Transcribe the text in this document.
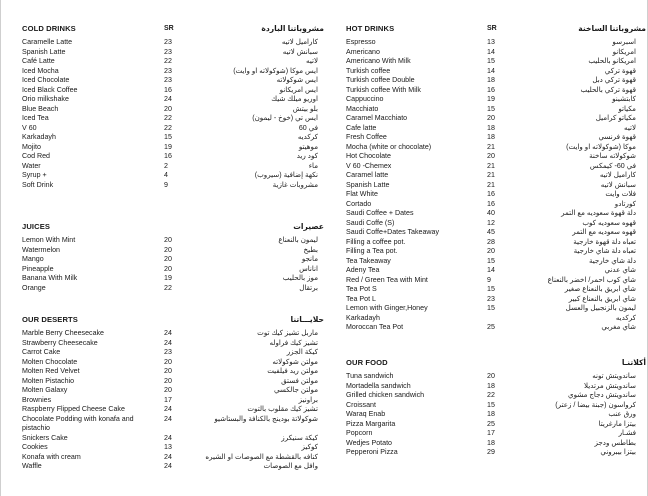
COLD DRINKS	SR	مشروباتنا الباردة
Caramelle Latte	23	كاراميل لاتيه
Spanish Latte	23	سبانش لاتيه
Café Latte	22	لاتيه
Iced Mocha	23	ايس موكا (شوكولاته او وايت)
Iced Chocolate	23	ايس شوكولاته
Iced Black Coffee	16	ايس امريكانو
Orio milkshake	24	اوريو ميلك شيك
Blue Beach	20	بلو بيتش
Iced Tea	22	ايس تي (خوخ - ليمون)
V 60	22	في 60
Karkadayh	15	كركديه
Mojito	19	موهيتو
Cod Red	16	كود ريد
Water	2	ماء
Syrup +	4	نكهة إضافية (سيروب)
Soft Drink	9	مشروبات غازية
JUICES	عصيرات
Lemon With Mint	20	ليمون بالنعناع
Watermelon	20	بطيخ
Mango	20	مانجو
Pineapple	20	اناناس
Banana With Milk	19	موز بالحليب
Orange	22	برتقال
OUR DESERTS	حلايـــاتنا
Marble Berry Cheesecake	24	ماربل تشيز كيك توت
Strawberry Cheesecake	24	تشيز كيك فراوله
Carrot Cake	23	كيكة الجزر
Molten Chocolate	20	مولتن شوكولاته
Molten Red Velvet	20	مولتن ريد فيلفيت
Molten Pistachio	20	مولتن فستق
Molten Galaxy	20	مولتن جالكسي
Brownies	17	براونيز
Raspberry Flipped Cheese Cake	24	تشيز كيك مقلوب بالتوت
Chocolate Podding with konafa and pistachio
24	شوكولاتة بودينج بالكنافة والبستاشيو
Snickers Cake	24	كيكة سنيكرز
Cookies	13	كوكيز
Konafa with cream	24	كنافه بالقشطة مع الصوصات او الشيره
Waffle	24	وافل مع الصوصات
HOT DRINKS	SR	مشروباتنا الساخنة
Espresso	13	اسبرسو
Americano	14	امريكانو
Americano With Milk	15	امريكانو بالحليب
Turkish coffee	14	قهوة تركي
Turkish coffee Double	18	قهوة تركي دبل
Turkish coffee With Milk	16	قهوة تركي بالحليب
Cappuccino	19	كابتشينو
Macchiato	15	مكياتو
Caramel Macchiato	20	مكياتو كراميل
Cafe latte	18	لاتيه
Fresh Coffee	18	قهوة فرنسي
Mocha (white or chocolate)	21	موكا (شوكولاته او وايت)
Hot Chocolate	20	شوكولاته ساخنة
V 60 -Chemex	21	في 60- كيمكس
Caramel latte	21	كاراميل لاتيه
Spanish Latte	21	سبانش لاتيه
Flat White	16	فلات وايت
Cortado	16	كورتادو
Saudi Coffee + Dates	40	دلة قهوة سعوديه مع التمر
Saudi Coffe (S)	12	قهوه سعوديه كوب
Saudi Coffe+Dates Takeaway	45	قهوه سعوديه مع التمر
Filling a coffee pot.	28	تعباه دلة قهوة خارجية
Filling a Tea pot.	20	تعباه دلة شاي خارجية
Tea Takeaway	15	دلة شاي خارجية
Adeny Tea	14	شاي عدني
Red / Green Tea with Mint	9	شاي كوب احمر/ اخضر بالنعناع
Tea Pot S	15	شاي ابريق بالنعناع صغير
Tea Pot L	23	شاي ابريق بالنعناع كبير
Lemon with Ginger,Honey	15	ليمون بالزنجبيل والعسل
Karkadayh	كركديه
Moroccan Tea Pot	25	شاي مغربي
OUR FOOD	أكلاتنـا
Tuna sandwich	20	ساندويتش تونه
Mortadella sandwich	18	ساندويتش مرتديلا
Grilled chicken sandwich	22	ساندويتش دجاج مشوي
Croissant	15	كرواسون (جبنة بيضا / زعتر)
Waraq Enab	18	ورق عنب
Pizza Margarita	25	بيتزا مارغريتا
Popcorn	17	فشـار
Wedjes Potato	18	بطاطس ودجز
Pepperoni Pizza	29	بيتزا بيبروني
